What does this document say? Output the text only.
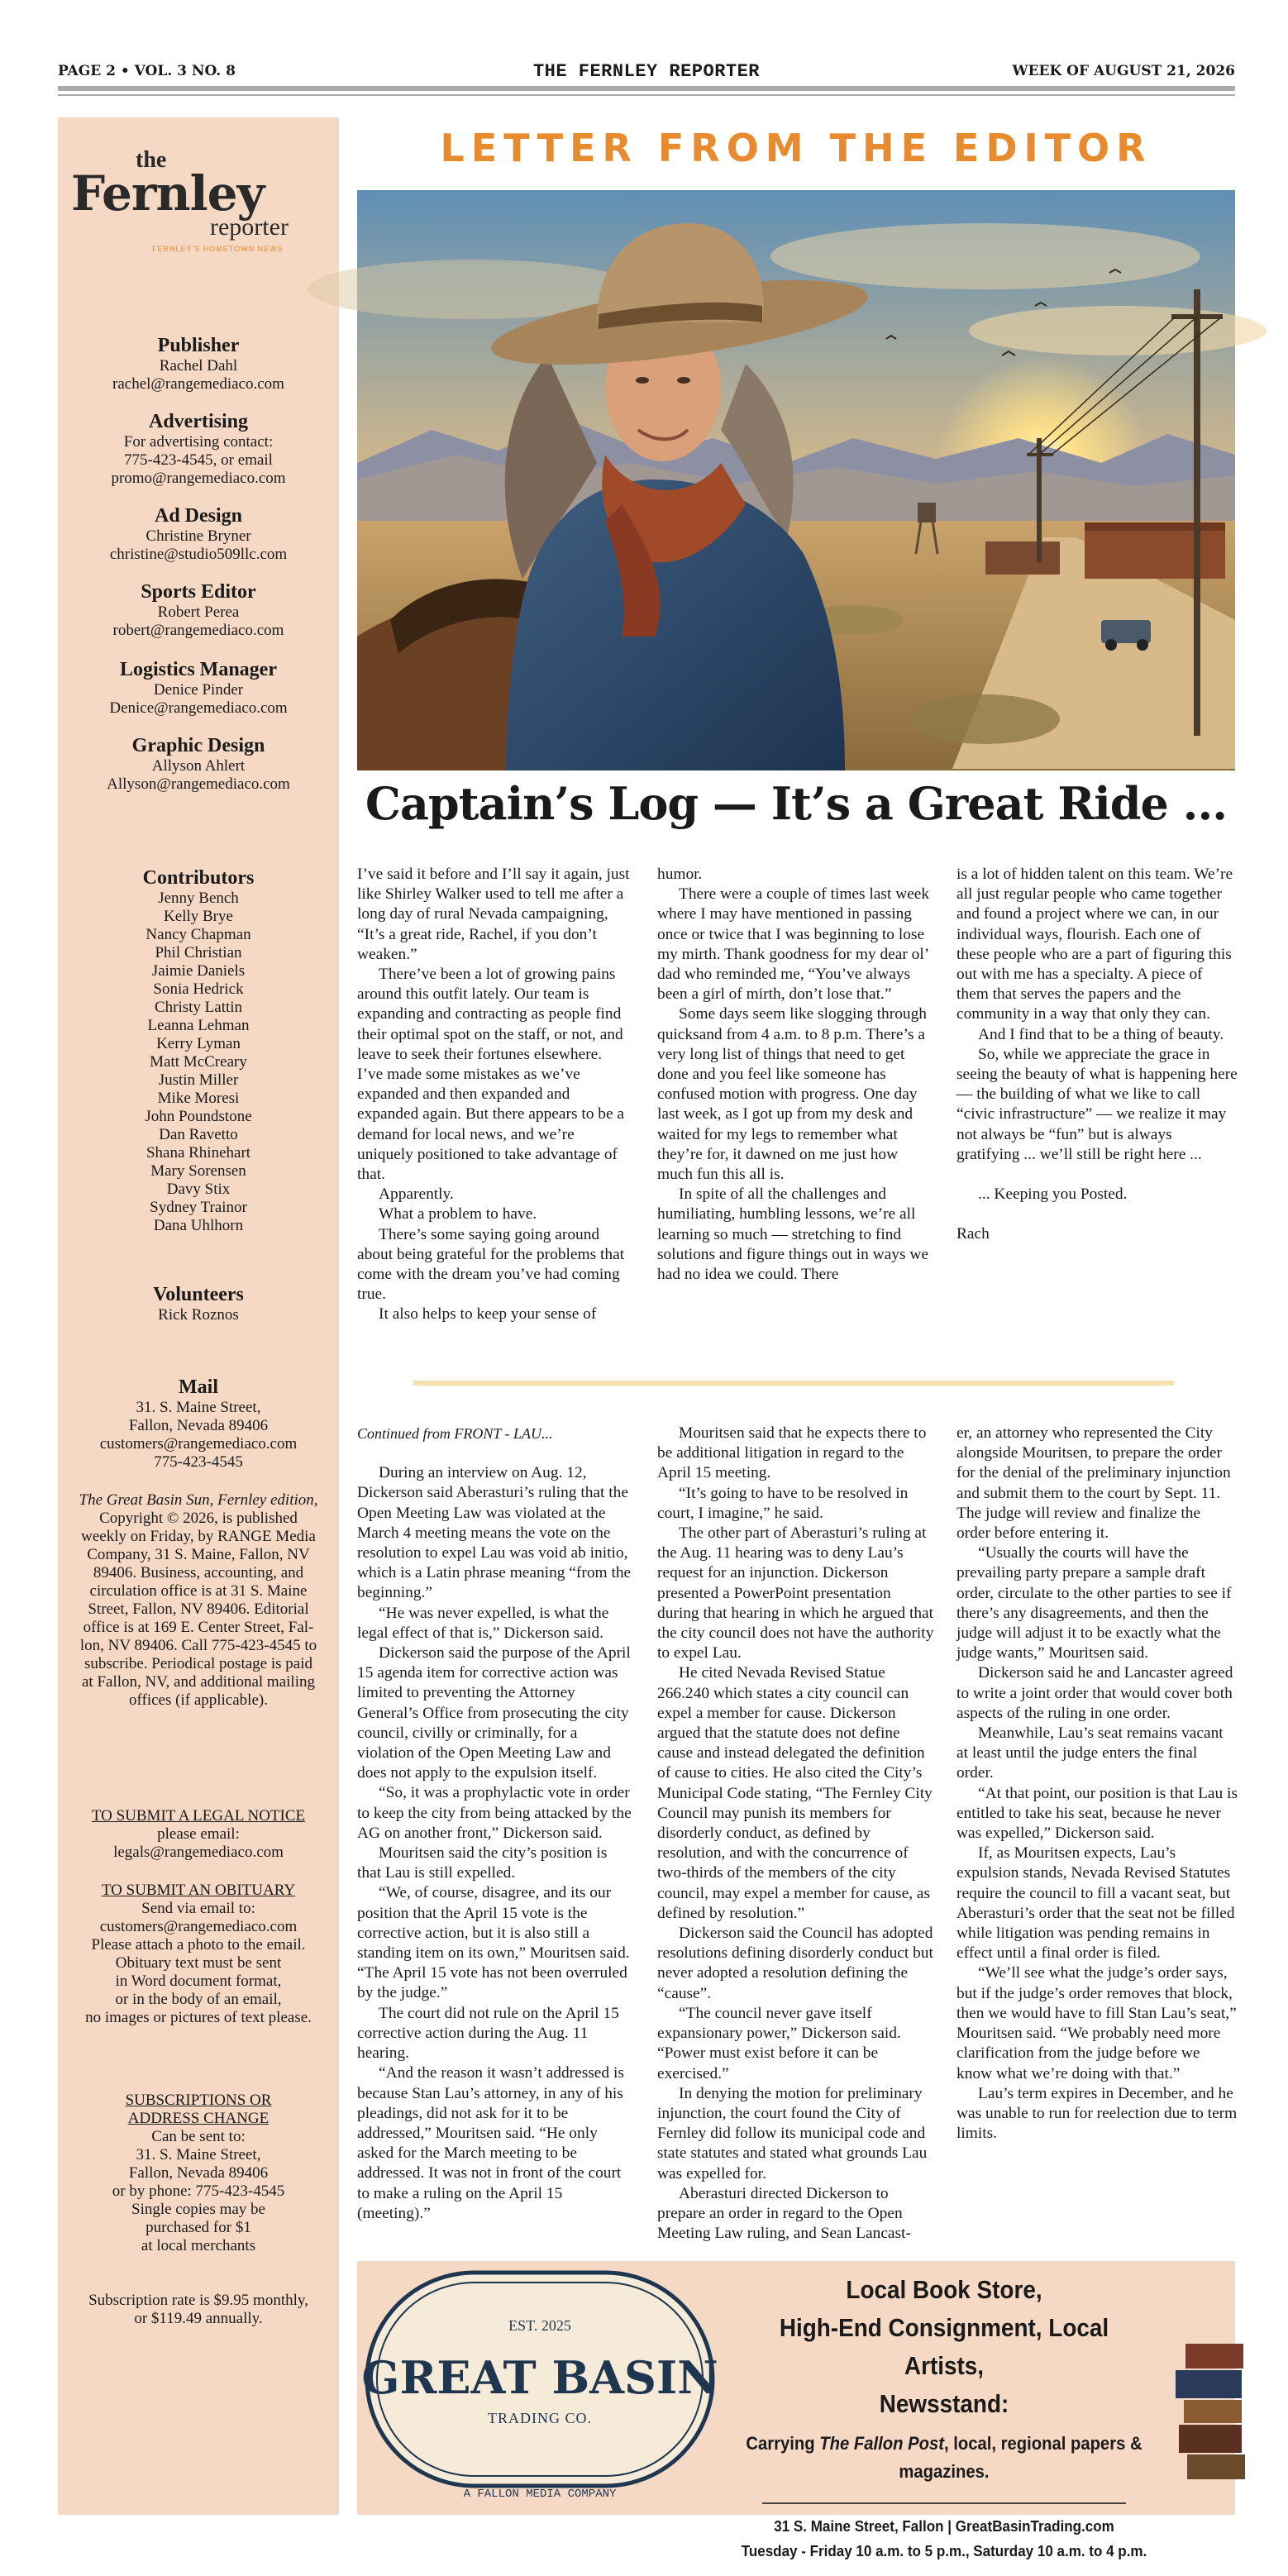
PAGE 2 • VOL. 3 NO. 8	THE FERNLEY REPORTER	WEEK OF AUGUST 21, 2026
the
Fernley
reporter
FERNLEY'S HOMETOWN NEWS
Publisher
Rachel Dahl
rachel@rangemediaco.com
Advertising
For advertising contact:
775-423-4545, or email
promo@rangemediaco.com
Ad Design
Christine Bryner
christine@studio509llc.com
Sports Editor
Robert Perea
robert@rangemediaco.com
Logistics Manager
Denice Pinder
Denice@rangemediaco.com
Graphic Design
Allyson Ahlert
Allyson@rangemediaco.com
Contributors
Jenny Bench
Kelly Brye
Nancy Chapman
Phil Christian
Jaimie Daniels
Sonia Hedrick
Christy Lattin
Leanna Lehman
Kerry Lyman
Matt McCreary
Justin Miller
Mike Moresi
John Poundstone
Dan Ravetto
Shana Rhinehart
Mary Sorensen
Davy Stix
Sydney Trainor
Dana Uhlhorn
Volunteers
Rick Roznos
Mail
31. S. Maine Street,
Fallon, Nevada 89406
customers@rangemediaco.com
775-423-4545
The Great Basin Sun, Fernley edition,
Copyright © 2026, is published
weekly on Friday, by RANGE Media
Company, 31 S. Maine, Fallon, NV
89406. Business, accounting, and
circulation office is at 31 S. Maine
Street, Fallon, NV 89406. Editorial
office is at 169 E. Center Street, Fal-
lon, NV 89406. Call 775-423-4545 to
subscribe. Periodical postage is paid
at Fallon, NV, and additional mailing
offices (if applicable).
TO SUBMIT A LEGAL NOTICE
please email:
legals@rangemediaco.com
TO SUBMIT AN OBITUARY
Send via email to:
customers@rangemediaco.com
Please attach a photo to the email.
Obituary text must be sent
in Word document format,
or in the body of an email,
no images or pictures of text please.
SUBSCRIPTIONS OR
ADDRESS CHANGE
Can be sent to:
31. S. Maine Street,
Fallon, Nevada 89406
or by phone: 775-423-4545
Single copies may be
purchased for $1
at local merchants
Subscription rate is $9.95 monthly,
or $119.49 annually.
LETTER FROM THE EDITOR
Captain’s Log — It’s a Great Ride ...

I’ve said it before and I’ll say it again, just like Shirley Walker used to tell me after a long day of rural Nevada campaigning, “It’s a great ride, Rachel, if you don’t weaken.”

There’ve been a lot of growing pains around this outfit lately. Our team is expanding and contracting as people find their optimal spot on the staff, or not, and leave to seek their fortunes elsewhere. I’ve made some mistakes as we’ve expanded and then expanded and expanded again. But there appears to be a demand for local news, and we’re uniquely positioned to take advantage of that.

Apparently.

What a problem to have.

There’s some saying going around about being grateful for the problems that come with the dream you’ve had coming true.

It also helps to keep your sense of

humor.

There were a couple of times last week where I may have mentioned in passing once or twice that I was beginning to lose my mirth. Thank goodness for my dear ol’ dad who reminded me, “You’ve always been a girl of mirth, don’t lose that.”

Some days seem like slogging through quicksand from 4 a.m. to 8 p.m. There’s a very long list of things that need to get done and you feel like someone has confused motion with progress. One day last week, as I got up from my desk and waited for my legs to remember what they’re for, it dawned on me just how much fun this all is.

In spite of all the challenges and humiliating, humbling lessons, we’re all learning so much — stretching to find solutions and figure things out in ways we had no idea we could. There

is a lot of hidden talent on this team. We’re all just regular people who came together and found a project where we can, in our individual ways, flourish. Each one of these people who are a part of figuring this out with me has a specialty. A piece of them that serves the papers and the community in a way that only they can.

And I find that to be a thing of beauty.

So, while we appreciate the grace in seeing the beauty of what is happening here — the building of what we like to call “civic infrastructure” — we realize it may not always be “fun” but is always gratifying ... we’ll still be right here ...

... Keeping you Posted.

Rach

Continued from FRONT - LAU...

During an interview on Aug. 12, Dickerson said Aberasturi’s ruling that the Open Meeting Law was violated at the March 4 meeting means the vote on the resolution to expel Lau was void ab initio, which is a Latin phrase meaning “from the beginning.”

“He was never expelled, is what the legal effect of that is,” Dickerson said.

Dickerson said the purpose of the April 15 agenda item for corrective action was limited to preventing the Attorney General’s Office from prosecuting the city council, civilly or criminally, for a violation of the Open Meeting Law and does not apply to the expulsion itself.

“So, it was a prophylactic vote in order to keep the city from being attacked by the AG on another front,” Dickerson said.

Mouritsen said the city’s position is that Lau is still expelled.

“We, of course, disagree, and its our position that the April 15 vote is the corrective action, but it is also still a standing item on its own,” Mouritsen said. “The April 15 vote has not been overruled by the judge.”

The court did not rule on the April 15 corrective action during the Aug. 11 hearing.

“And the reason it wasn’t addressed is because Stan Lau’s attorney, in any of his pleadings, did not ask for it to be addressed,” Mouritsen said. “He only asked for the March meeting to be addressed. It was not in front of the court to make a ruling on the April 15 (meeting).”

Mouritsen said that he expects there to be additional litigation in regard to the April 15 meeting.

“It’s going to have to be resolved in court, I imagine,” he said.

The other part of Aberasturi’s ruling at the Aug. 11 hearing was to deny Lau’s request for an injunction. Dickerson presented a PowerPoint presentation during that hearing in which he argued that the city council does not have the authority to expel Lau.

He cited Nevada Revised Statue 266.240 which states a city council can expel a member for cause. Dickerson argued that the statute does not define cause and instead delegated the definition of cause to cities. He also cited the City’s Municipal Code stating, “The Fernley City Council may punish its members for disorderly conduct, as defined by resolution, and with the concurrence of two-thirds of the members of the city council, may expel a member for cause, as defined by resolution.”

Dickerson said the Council has adopted resolutions defining disorderly conduct but never adopted a resolution defining the “cause”.

“The council never gave itself expansionary power,” Dickerson said. “Power must exist before it can be exercised.”

In denying the motion for preliminary injunction, the court found the City of Fernley did follow its municipal code and state statutes and stated what grounds Lau was expelled for.

Aberasturi directed Dickerson to prepare an order in regard to the Open Meeting Law ruling, and Sean Lancast-

er, an attorney who represented the City alongside Mouritsen, to prepare the order for the denial of the preliminary injunction and submit them to the court by Sept. 11. The judge will review and finalize the order before entering it.

“Usually the courts will have the prevailing party prepare a sample draft order, circulate to the other parties to see if there’s any disagreements, and then the judge will adjust it to be exactly what the judge wants,” Mouritsen said.

Dickerson said he and Lancaster agreed to write a joint order that would cover both aspects of the ruling in one order.

Meanwhile, Lau’s seat remains vacant at least until the judge enters the final order.

“At that point, our position is that Lau is entitled to take his seat, because he never was expelled,” Dickerson said.

If, as Mouritsen expects, Lau’s expulsion stands, Nevada Revised Statutes require the council to fill a vacant seat, but Aberasturi’s order that the seat not be filled while litigation was pending remains in effect until a final order is filed.

“We’ll see what the judge’s order says, but if the judge’s order removes that block, then we would have to fill Stan Lau’s seat,” Mouritsen said. “We probably need more clarification from the judge before we know what we’re doing with that.”

Lau’s term expires in December, and he was unable to run for reelection due to term limits.

EST. 2025
GREAT BASIN
TRADING CO.
A FALLON MEDIA COMPANY
Local Book Store,
High-End Consignment, Local Artists,
Newsstand:
Carrying The Fallon Post, local, regional papers & magazines.
31 S. Maine Street, Fallon | GreatBasinTrading.com
Tuesday - Friday 10 a.m. to 5 p.m., Saturday 10 a.m. to 4 p.m.
